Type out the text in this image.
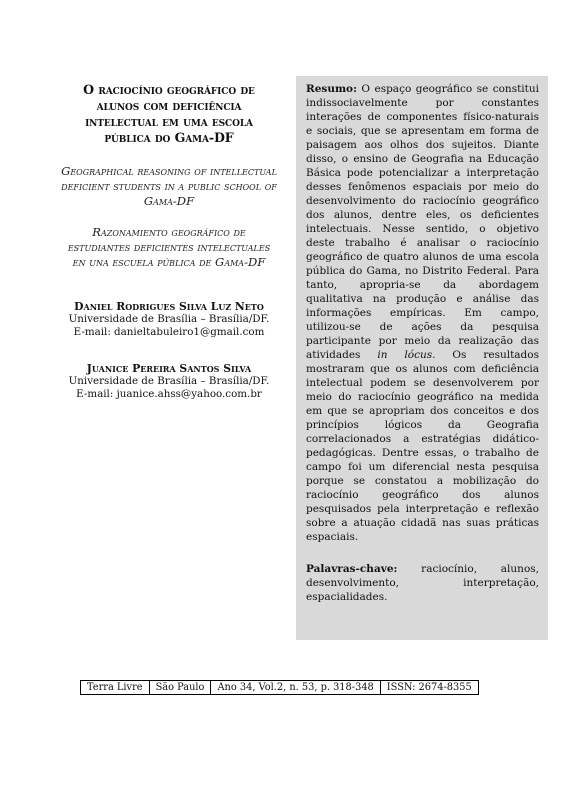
O raciocínio geográfico de alunos com deficiência intelectual em uma escola pública do Gama-DF

Geographical reasoning of intellectual deficient students in a public school of Gama-DF

Razonamiento geográfico de estudiantes deficientes intelectuales en una escuela pública de Gama-DF

Daniel Rodrigues Silva Luz Neto
Universidade de Brasília – Brasília/DF.
E-mail: danieltabuleiro1@gmail.com
Juanice Pereira Santos Silva
Universidade de Brasília – Brasília/DF.
E-mail: juanice.ahss@yahoo.com.br

Resumo: O espaço geográfico se constitui indissociavelmente por constantes interações de componentes físico-naturais e sociais, que se apresentam em forma de paisagem aos olhos dos sujeitos. Diante disso, o ensino de Geografia na Educação Básica pode potencializar a interpretação desses fenômenos espaciais por meio do desenvolvimento do raciocínio geográfico dos alunos, dentre eles, os deficientes intelectuais. Nesse sentido, o objetivo deste trabalho é analisar o raciocínio geográfico de quatro alunos de uma escola pública do Gama, no Distrito Federal. Para tanto, apropria-se da abordagem qualitativa na produção e análise das informações empíricas. Em campo, utilizou-se de ações da pesquisa participante por meio da realização das atividades in lócus. Os resultados mostraram que os alunos com deficiência intelectual podem se desenvolverem por meio do raciocínio geográfico na medida em que se apropriam dos conceitos e dos princípios lógicos da Geografia correlacionados a estratégias didático-pedagógicas. Dentre essas, o trabalho de campo foi um diferencial nesta pesquisa porque se constatou a mobilização do raciocínio geográfico dos alunos pesquisados pela interpretação e reflexão sobre a atuação cidadã nas suas práticas espaciais.

Palavras-chave: raciocínio, alunos, desenvolvimento, interpretação, espacialidades.

Terra Livre	São Paulo	Ano 34, Vol.2, n. 53, p. 318-348	ISSN: 2674-8355
